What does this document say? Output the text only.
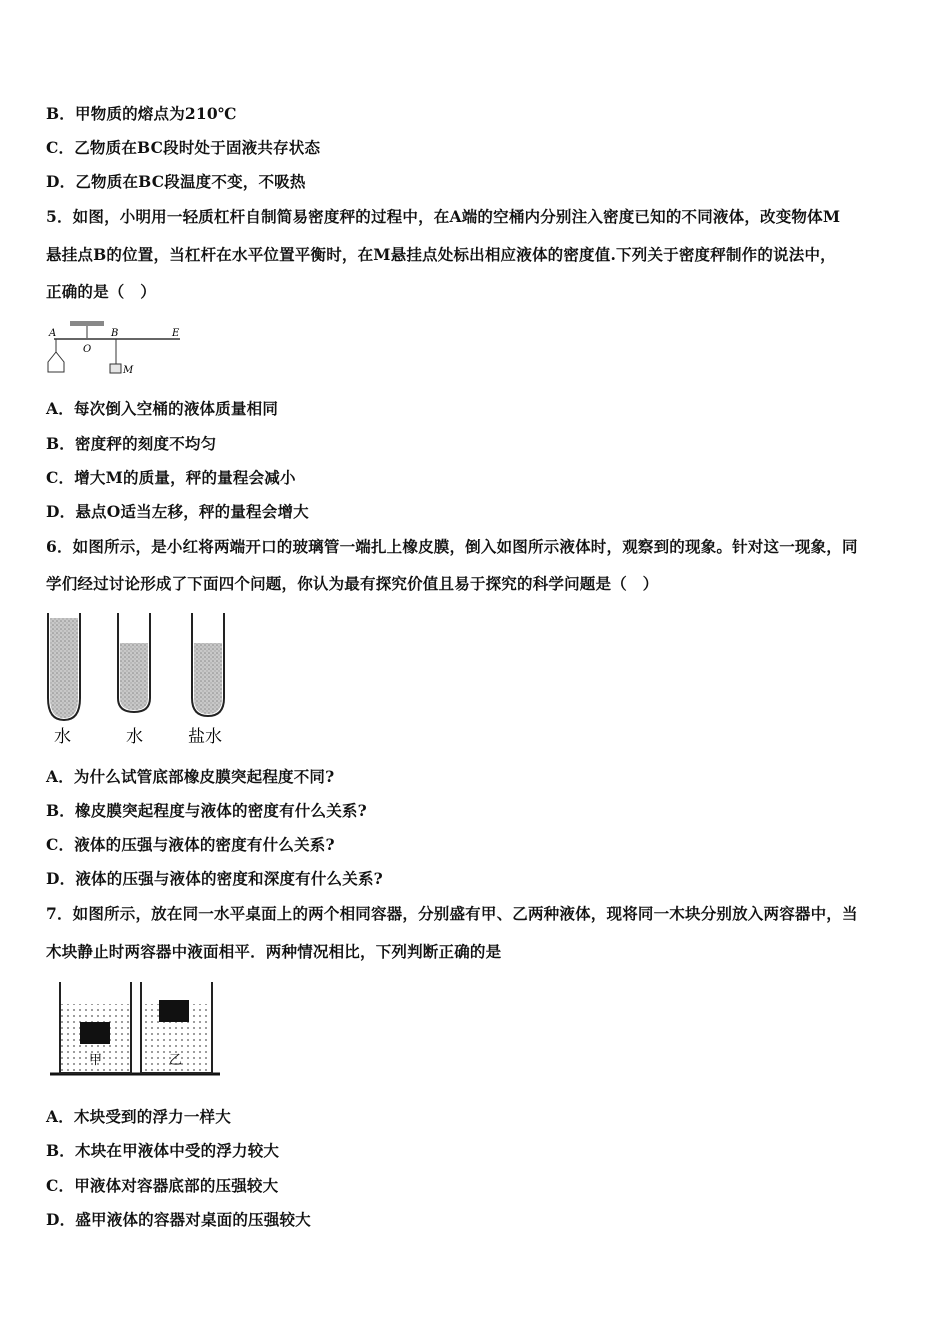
B．甲物质的熔点为210℃
C．乙物质在BC段时处于固液共存状态
D．乙物质在BC段温度不变，不吸热
5．如图，小明用一轻质杠杆自制简易密度秤的过程中，在A端的空桶内分别注入密度已知的不同液体，改变物体M
悬挂点B的位置，当杠杆在水平位置平衡时，在M悬挂点处标出相应液体的密度值.下列关于密度秤制作的说法中，
正确的是（　）
A
O
B	E
M
A．每次倒入空桶的液体质量相同
B．密度秤的刻度不均匀
C．增大M的质量，秤的量程会减小
D．悬点O适当左移，秤的量程会增大
6．如图所示，是小红将两端开口的玻璃管一端扎上橡皮膜，倒入如图所示液体时，观察到的现象。针对这一现象，同
学们经过讨论形成了下面四个问题，你认为最有探究价值且易于探究的科学问题是（　）
水	水	盐水
A．为什么试管底部橡皮膜突起程度不同?
B．橡皮膜突起程度与液体的密度有什么关系?
C．液体的压强与液体的密度有什么关系?
D．液体的压强与液体的密度和深度有什么关系?
7．如图所示，放在同一水平桌面上的两个相同容器，分别盛有甲、乙两种液体，现将同一木块分别放入两容器中，当
木块静止时两容器中液面相平．两种情况相比，下列判断正确的是
甲	乙
A．木块受到的浮力一样大
B．木块在甲液体中受的浮力较大
C．甲液体对容器底部的压强较大
D．盛甲液体的容器对桌面的压强较大
